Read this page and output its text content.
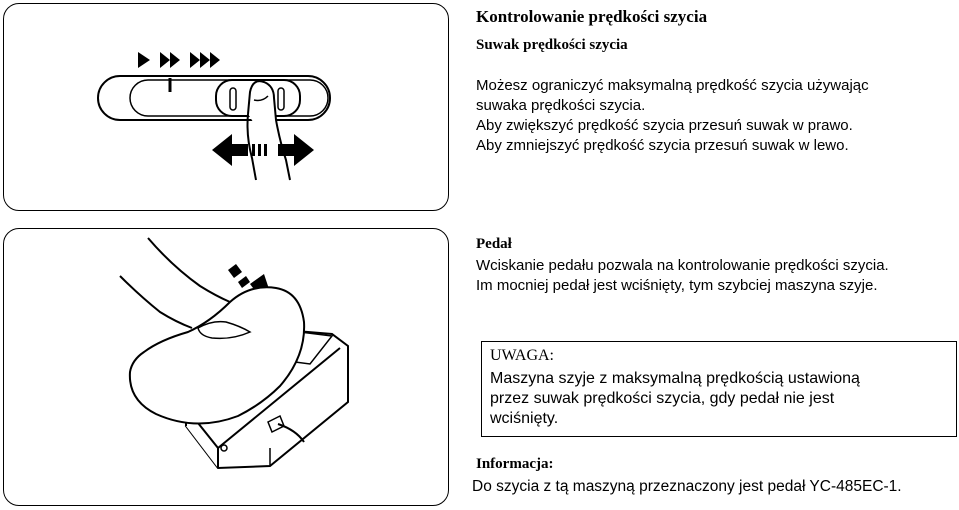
Kontrolowanie prędkości szycia
Suwak prędkości szycia
Możesz ograniczyć maksymalną prędkość szycia używając
suwaka prędkości szycia.
Aby zwiększyć prędkość szycia przesuń suwak w prawo.
Aby zmniejszyć prędkość szycia przesuń suwak w lewo.
Pedał
Wciskanie pedału pozwala na kontrolowanie prędkości szycia.
Im mocniej pedał jest wciśnięty, tym szybciej maszyna szyje.
UWAGA:
Maszyna szyje z maksymalną prędkością ustawioną
przez suwak prędkości szycia, gdy pedał nie jest
wciśnięty.
Informacja:
Do szycia z tą maszyną przeznaczony jest pedał YC-485EC-1.
